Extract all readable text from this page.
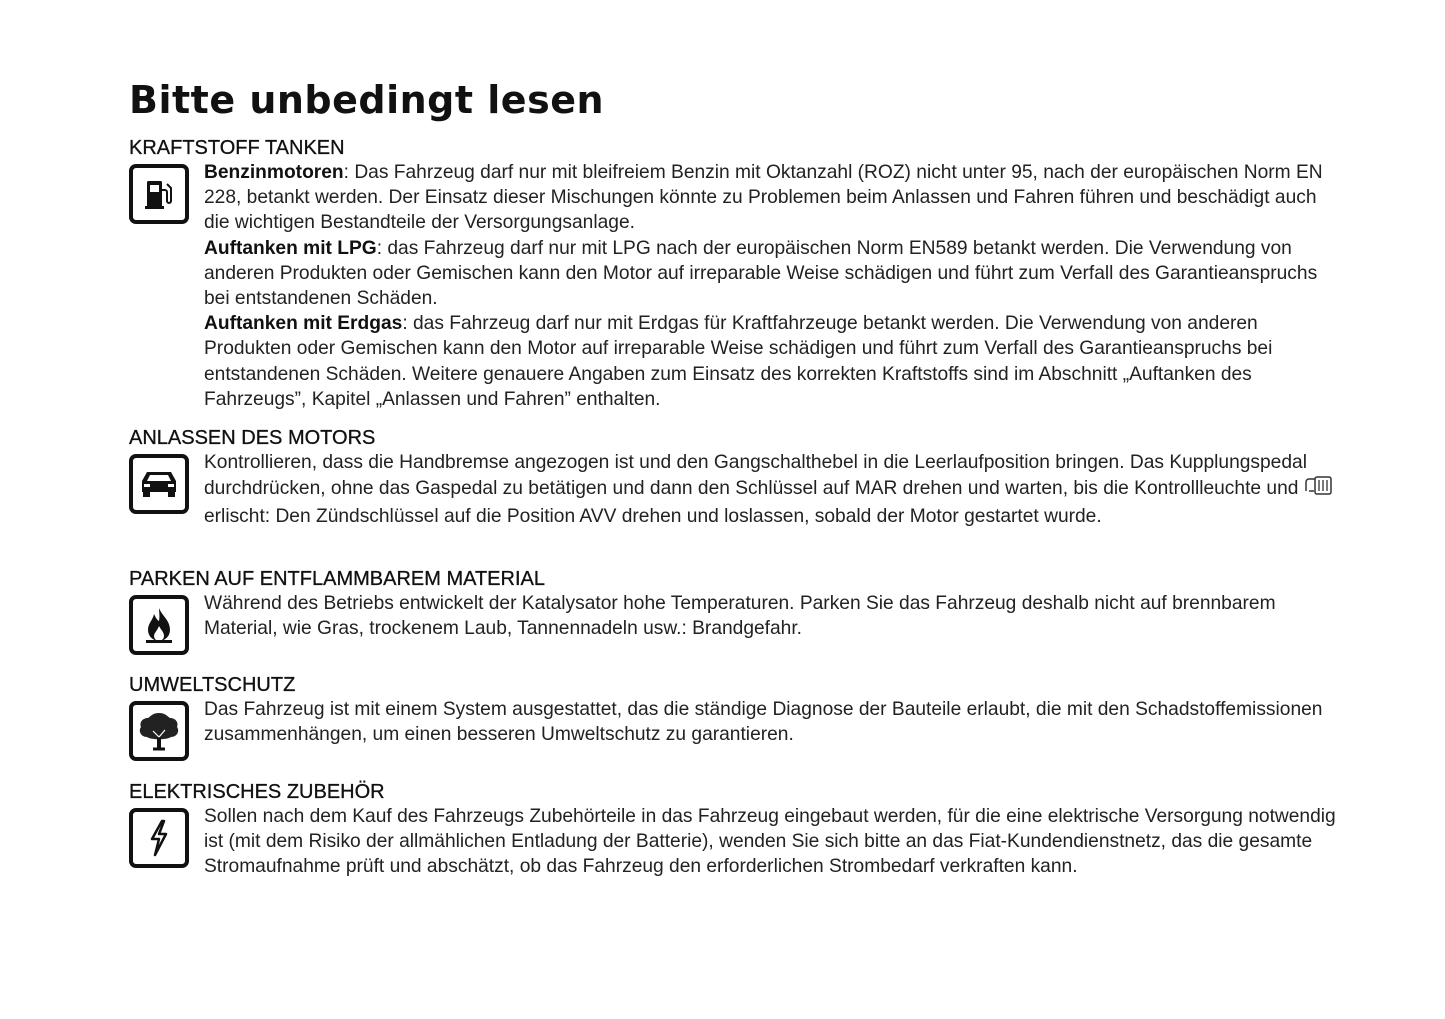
Bitte unbedingt lesen
KRAFTSTOFF TANKEN

Benzinmotoren: Das Fahrzeug darf nur mit bleifreiem Benzin mit Oktanzahl (ROZ) nicht unter 95, nach der europäischen Norm EN 228, betankt werden. Der Einsatz dieser Mischungen könnte zu Problemen beim Anlassen und Fahren führen und beschädigt auch die wichtigen Bestandteile der Versorgungsanlage.

Auftanken mit LPG: das Fahrzeug darf nur mit LPG nach der europäischen Norm EN589 betankt werden. Die Verwendung von anderen Produkten oder Gemischen kann den Motor auf irreparable Weise schädigen und führt zum Verfall des Garantieanspruchs bei entstandenen Schäden.

Auftanken mit Erdgas: das Fahrzeug darf nur mit Erdgas für Kraftfahrzeuge betankt werden. Die Verwendung von anderen Produkten oder Gemischen kann den Motor auf irreparable Weise schädigen und führt zum Verfall des Garantieanspruchs bei entstandenen Schäden. Weitere genauere Angaben zum Einsatz des korrekten Kraftstoffs sind im Abschnitt „Auftanken des Fahrzeugs”, Kapitel „Anlassen und Fahren” enthalten.

ANLASSEN DES MOTORS

Kontrollieren, dass die Handbremse angezogen ist und den Gangschalthebel in die Leerlaufposition bringen. Das Kupplungspedal durchdrücken, ohne das Gaspedal zu betätigen und dann den Schlüssel auf MAR drehen und warten, bis die Kontrollleuchte und  erlischt: Den Zündschlüssel auf die Position AVV drehen und loslassen, sobald der Motor gestartet wurde.

PARKEN AUF ENTFLAMMBAREM MATERIAL

Während des Betriebs entwickelt der Katalysator hohe Temperaturen. Parken Sie das Fahrzeug deshalb nicht auf brennbarem Material, wie Gras, trockenem Laub, Tannennadeln usw.: Brandgefahr.

UMWELTSCHUTZ

Das Fahrzeug ist mit einem System ausgestattet, das die ständige Diagnose der Bauteile erlaubt, die mit den Schadstoffemissionen zusammenhängen, um einen besseren Umweltschutz zu garantieren.

ELEKTRISCHES ZUBEHÖR

Sollen nach dem Kauf des Fahrzeugs Zubehörteile in das Fahrzeug eingebaut werden, für die eine elektrische Versorgung notwendig ist (mit dem Risiko der allmählichen Entladung der Batterie), wenden Sie sich bitte an das Fiat-Kundendienstnetz, das die gesamte Stromaufnahme prüft und abschätzt, ob das Fahrzeug den erforderlichen Strombedarf verkraften kann.
